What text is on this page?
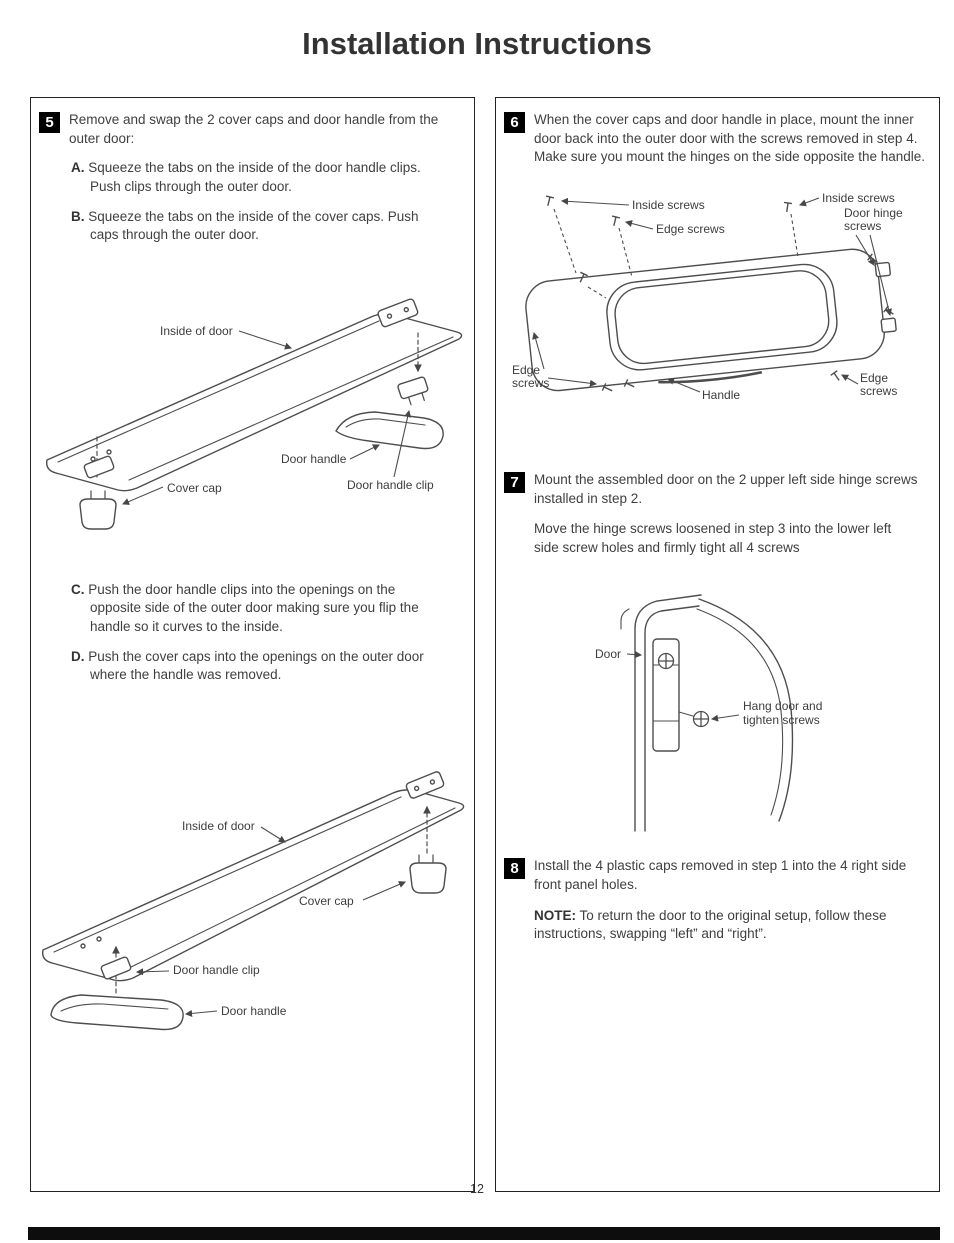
Installation Instructions
5	Remove and swap the 2 cover caps and door handle from the outer door:

A. Squeeze the tabs on the inside of the door handle clips. Push clips through the outer door.

B. Squeeze the tabs on the inside of the cover caps. Push caps through the outer door.

Inside of door
Cover cap
Door handle
Door handle clip

C. Push the door handle clips into the openings on the opposite side of the outer door making sure you flip the handle so it curves to the inside.

D. Push the cover caps into the openings on the outer door where the handle was removed.

Inside of door
Cover cap
Door handle clip
Door handle
6	When the cover caps and door handle in place, mount the inner door back into the outer door with the screws removed in step 4. Make sure you mount the hinges on the side opposite the handle.

Inside screws
Edge screws
Inside screws
Door hinge
screws
Edge
screws
Handle
Edge
screws
7	Mount the assembled door on the 2 upper left side hinge screws installed in step 2.

Move the hinge screws loosened in step 3 into the lower left side screw holes and firmly tight all 4 screws

Door
Hang door and
tighten screws
8	Install the 4 plastic caps removed in step 1 into the 4 right side front panel holes.

NOTE: To return the door to the original setup, follow these instructions, swapping “left” and “right”.

12
